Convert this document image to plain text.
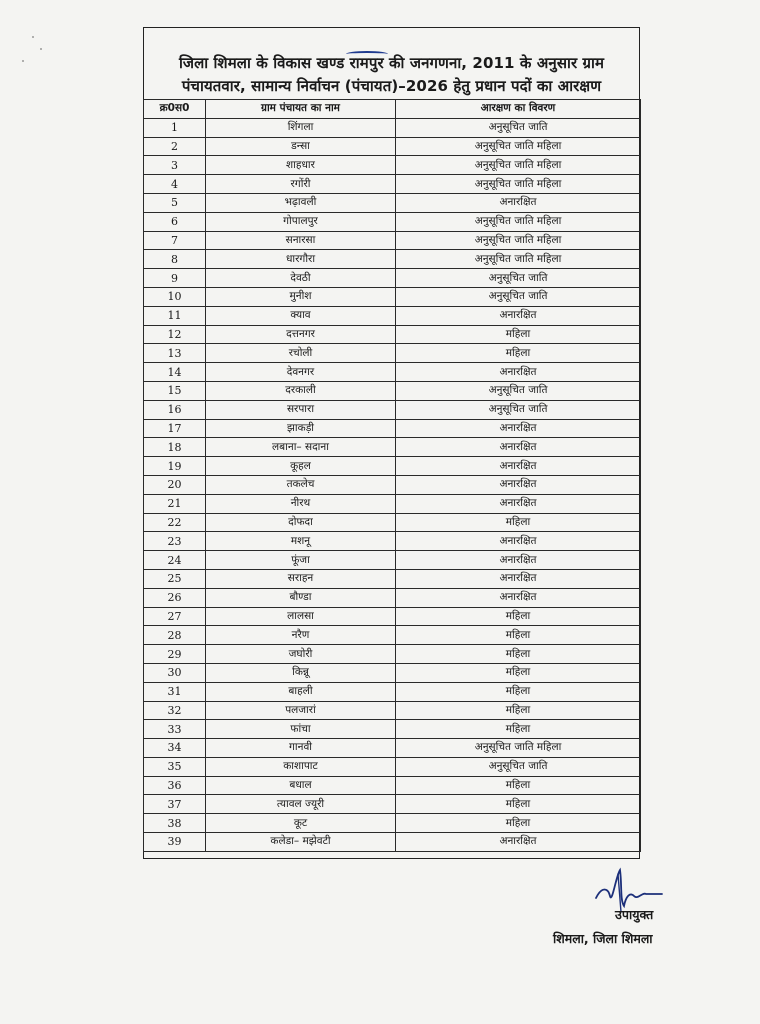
जिला शिमला के विकास खण्ड रामपुर की जनगणना, 2011 के अनुसार ग्राम
पंचायतवार, सामान्य निर्वाचन (पंचायत)–2026 हेतु प्रधान पदों का आरक्षण
क्र0स0	ग्राम पंचायत का नाम	आरक्षण का विवरण
1	शिंगला	अनुसूचित जाति
2	डन्सा	अनुसूचित जाति महिला
3	शाहधार	अनुसूचित जाति महिला
4	रगोंरी	अनुसूचित जाति महिला
5	भढ़ावली	अनारक्षित
6	गोपालपुर	अनुसूचित जाति महिला
7	सनारसा	अनुसूचित जाति महिला
8	धारगौरा	अनुसूचित जाति महिला
9	देवठी	अनुसूचित जाति
10	मुनीश	अनुसूचित जाति
11	क्याव	अनारक्षित
12	दत्तनगर	महिला
13	रचोली	महिला
14	देवनगर	अनारक्षित
15	दरकाली	अनुसूचित जाति
16	सरपारा	अनुसूचित जाति
17	झाकड़ी	अनारक्षित
18	लबाना– सदाना	अनारक्षित
19	कूहल	अनारक्षित
20	तकलेच	अनारक्षित
21	नीरथ	अनारक्षित
22	दोफदा	महिला
23	मशनू	अनारक्षित
24	फूंजा	अनारक्षित
25	सराहन	अनारक्षित
26	बौण्डा	अनारक्षित
27	लालसा	महिला
28	नरैण	महिला
29	जघोरी	महिला
30	किन्नू	महिला
31	बाहली	महिला
32	पलजारां	महिला
33	फांचा	महिला
34	गानवी	अनुसूचित जाति महिला
35	काशापाट	अनुसूचित जाति
36	बधाल	महिला
37	त्यावल ज्यूरी	महिला
38	कूट	महिला
39	कलेडा– मझेवटी	अनारक्षित
उपायुक्त
शिमला, जिला शिमला
